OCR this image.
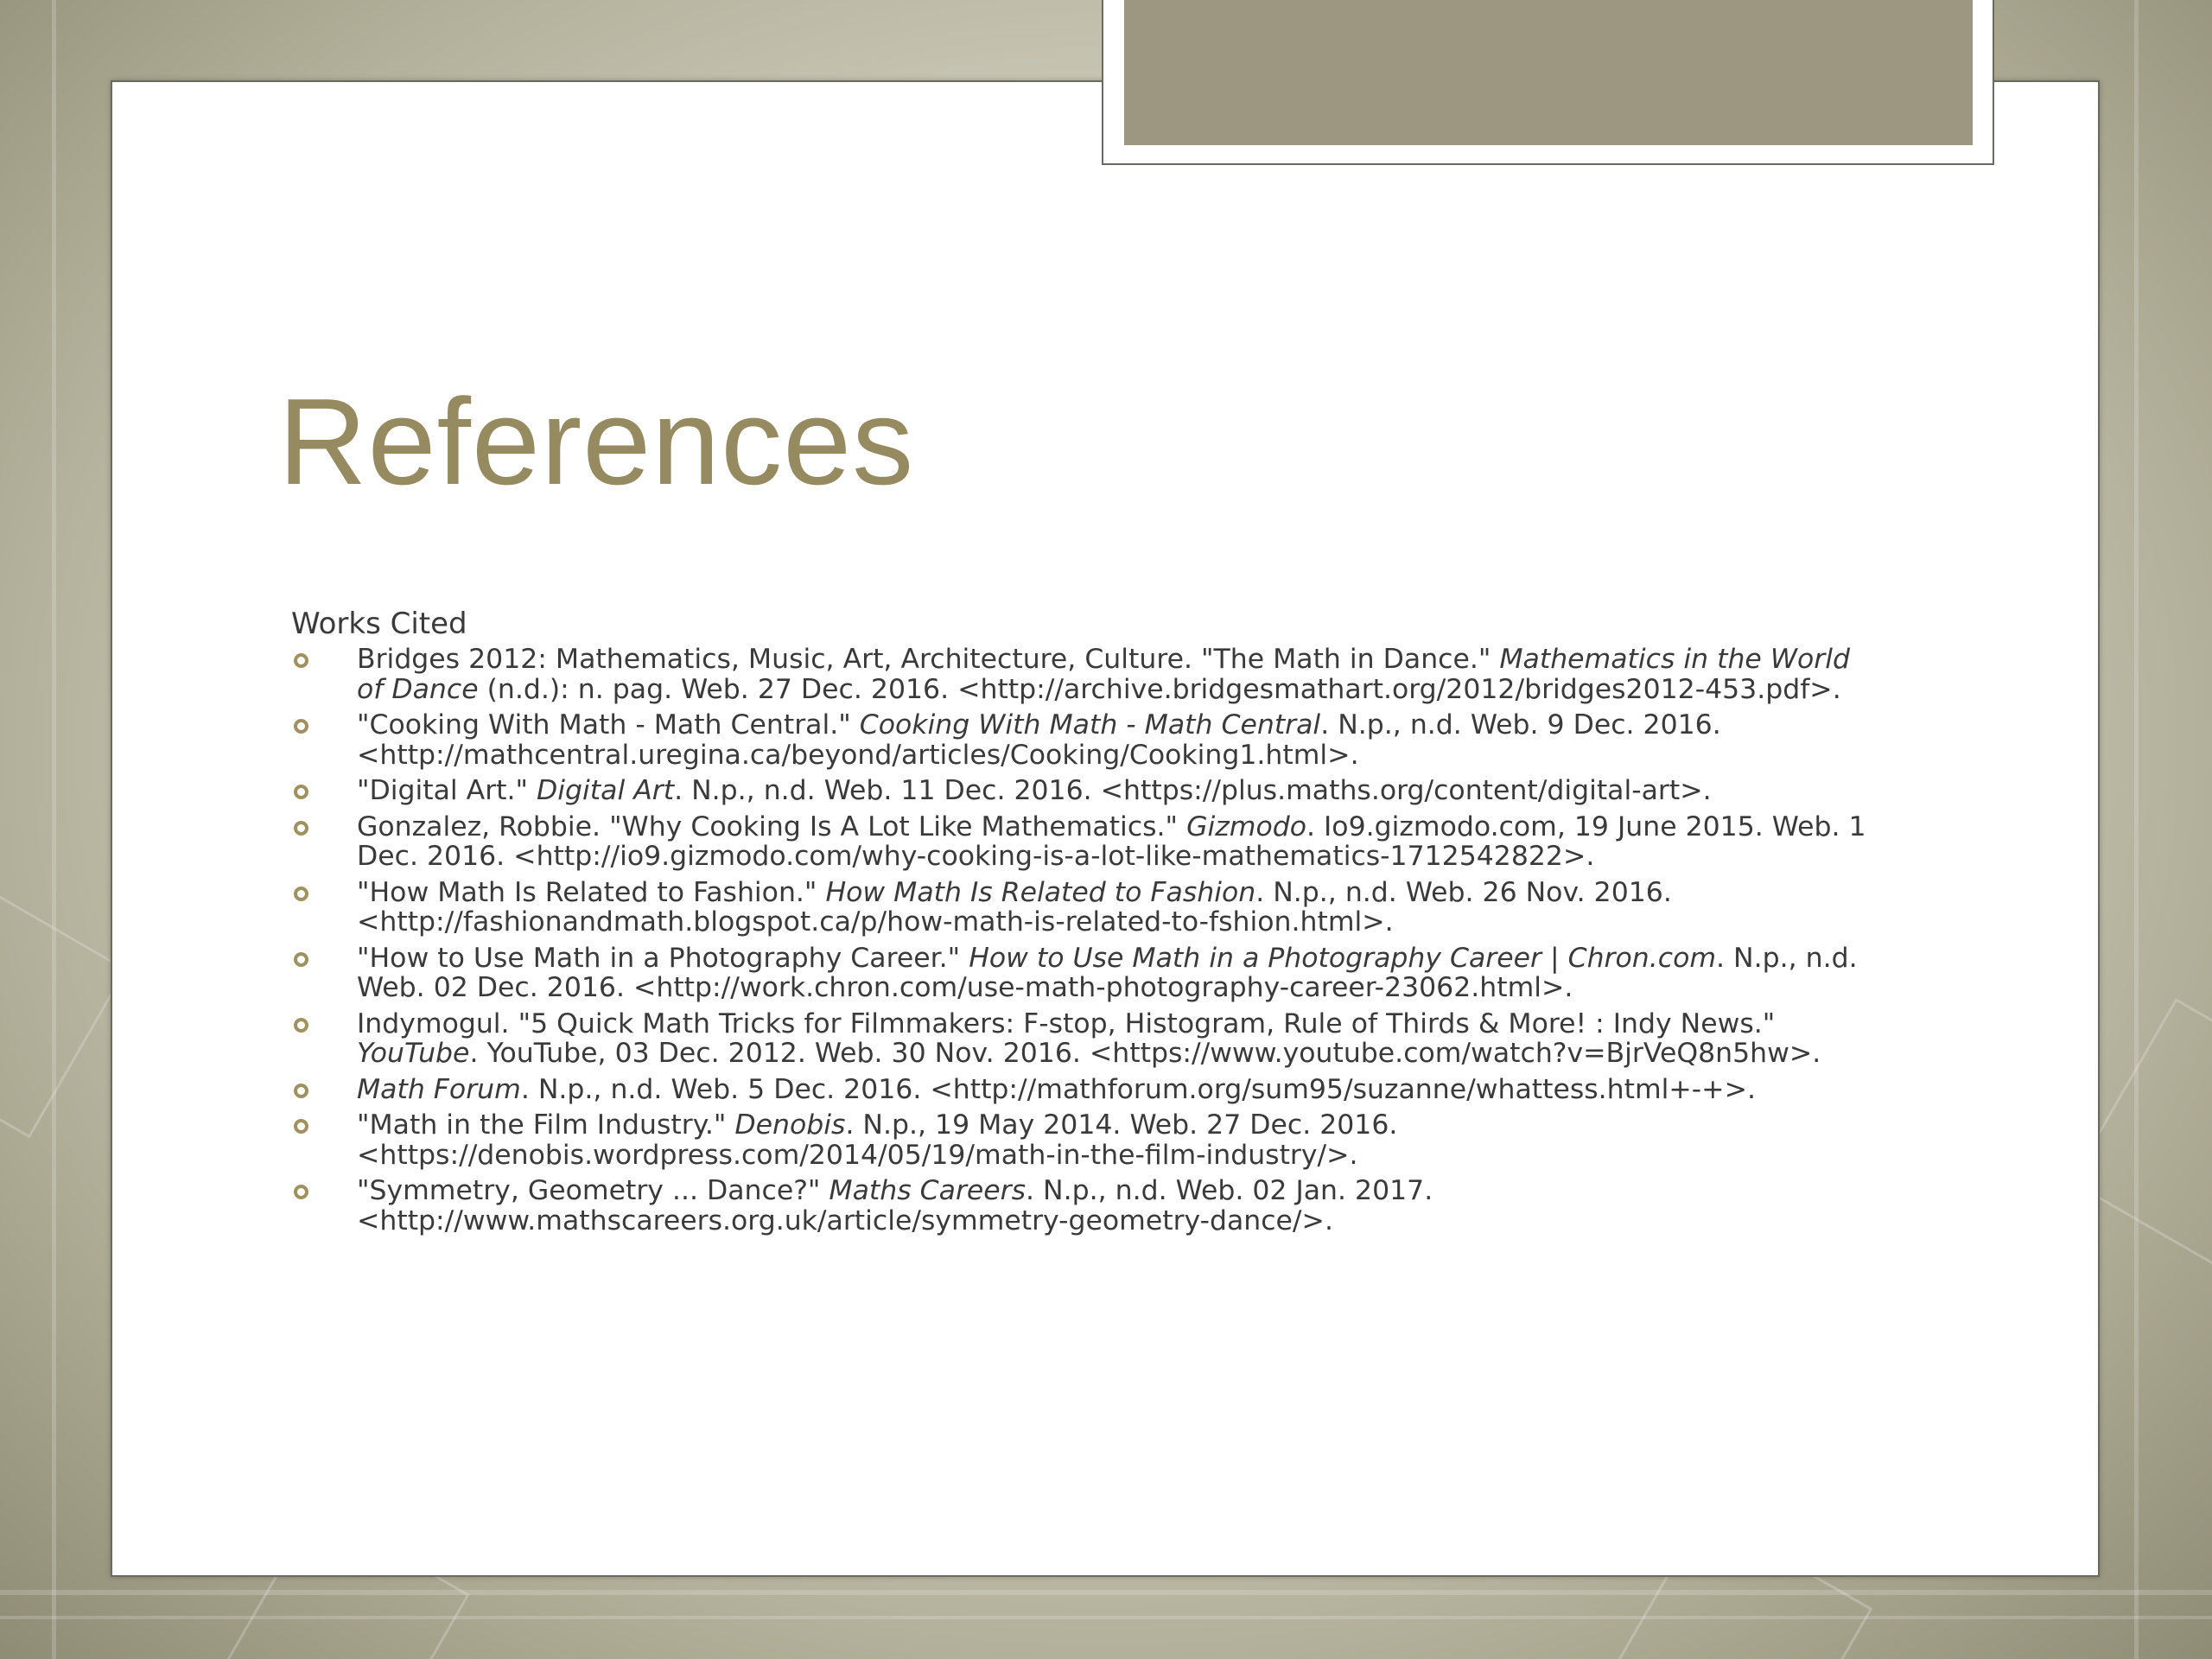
References
Works Cited
Bridges 2012: Mathematics, Music, Art, Architecture, Culture. "The Math in Dance." Mathematics in the World of Dance (n.d.): n. pag. Web. 27 Dec. 2016. <http://archive.bridgesmathart.org/2012/bridges2012-453.pdf>.
"Cooking With Math - Math Central." Cooking With Math - Math Central. N.p., n.d. Web. 9 Dec. 2016. <http://mathcentral.uregina.ca/beyond/articles/Cooking/Cooking1.html>.
"Digital Art." Digital Art. N.p., n.d. Web. 11 Dec. 2016. <https://plus.maths.org/content/digital-art>.
Gonzalez, Robbie. "Why Cooking Is A Lot Like Mathematics." Gizmodo. Io9.gizmodo.com, 19 June 2015. Web. 1 Dec. 2016. <http://io9.gizmodo.com/why-cooking-is-a-lot-like-mathematics-1712542822>.
"How Math Is Related to Fashion." How Math Is Related to Fashion. N.p., n.d. Web. 26 Nov. 2016. <http://fashionandmath.blogspot.ca/p/how-math-is-related-to-fshion.html>.
"How to Use Math in a Photography Career." How to Use Math in a Photography Career | Chron.com. N.p., n.d. Web. 02 Dec. 2016. <http://work.chron.com/use-math-photography-career-23062.html>.
Indymogul. "5 Quick Math Tricks for Filmmakers: F-stop, Histogram, Rule of Thirds & More! : Indy News." YouTube. YouTube, 03 Dec. 2012. Web. 30 Nov. 2016. <https://www.youtube.com/watch?v=BjrVeQ8n5hw>.
Math Forum. N.p., n.d. Web. 5 Dec. 2016. <http://mathforum.org/sum95/suzanne/whattess.html+-+>.
"Math in the Film Industry." Denobis. N.p., 19 May 2014. Web. 27 Dec. 2016. <https://denobis.wordpress.com/2014/05/19/math-in-the-film-industry/>.
"Symmetry, Geometry ... Dance?" Maths Careers. N.p., n.d. Web. 02 Jan. 2017. <http://www.mathscareers.org.uk/article/symmetry-geometry-dance/>.
